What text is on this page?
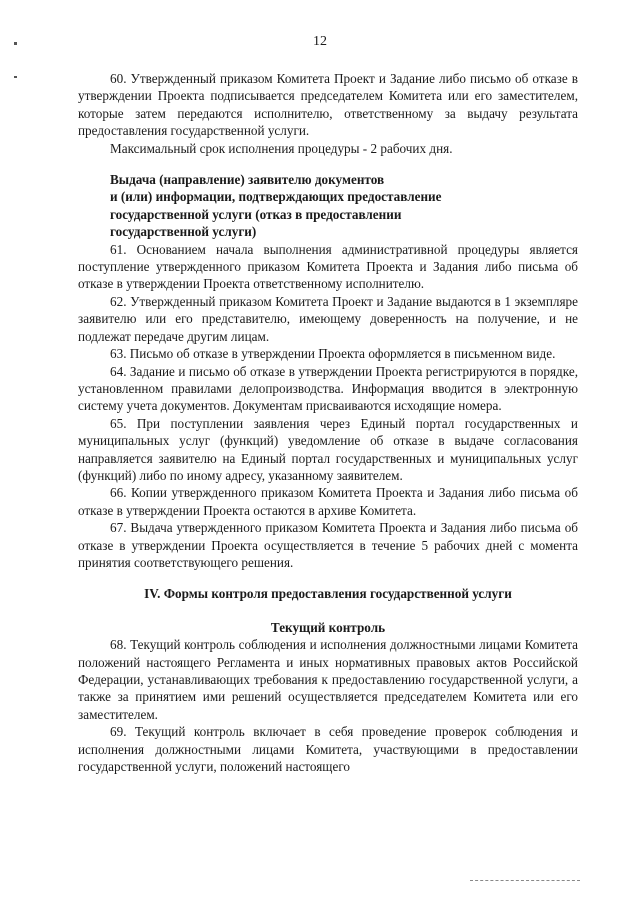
12

60. Утвержденный приказом Комитета Проект и Задание либо письмо об отказе в утверждении Проекта подписывается председателем Комитета или его заместителем, которые затем передаются исполнителю, ответственному за выдачу результата предоставления государственной услуги.

Максимальный срок исполнения процедуры - 2 рабочих дня.

Выдача (направление) заявителю документов

и (или) информации, подтверждающих предоставление

государственной услуги (отказ в предоставлении

государственной услуги)

61. Основанием начала выполнения административной процедуры является поступление утвержденного приказом Комитета Проекта и Задания либо письма об отказе в утверждении Проекта ответственному исполнителю.

62. Утвержденный приказом Комитета Проект и Задание выдаются в 1 экземпляре заявителю или его представителю, имеющему доверенность на получение, и не подлежат передаче другим лицам.

63. Письмо об отказе в утверждении Проекта оформляется в письменном виде.

64. Задание и письмо об отказе в утверждении Проекта регистрируются в порядке, установленном правилами делопроизводства. Информация вводится в электронную систему учета документов. Документам присваиваются исходящие номера.

65. При поступлении заявления через Единый портал государственных и муниципальных услуг (функций) уведомление об отказе в выдаче согласования направляется заявителю на Единый портал государственных и муниципальных услуг (функций) либо по иному адресу, указанному заявителем.

66. Копии утвержденного приказом Комитета Проекта и Задания либо письма об отказе в утверждении Проекта остаются в архиве Комитета.

67. Выдача утвержденного приказом Комитета Проекта и Задания либо письма об отказе в утверждении Проекта осуществляется в течение 5 рабочих дней с момента принятия соответствующего решения.

IV. Формы контроля предоставления государственной услуги
Текущий контроль

68. Текущий контроль соблюдения и исполнения должностными лицами Комитета положений настоящего Регламента и иных нормативных правовых актов Российской Федерации, устанавливающих требования к предоставлению государственной услуги, а также за принятием ими решений осуществляется председателем Комитета или его заместителем.

69. Текущий контроль включает в себя проведение проверок соблюдения и исполнения должностными лицами Комитета, участвующими в предоставлении государственной услуги, положений настоящего
